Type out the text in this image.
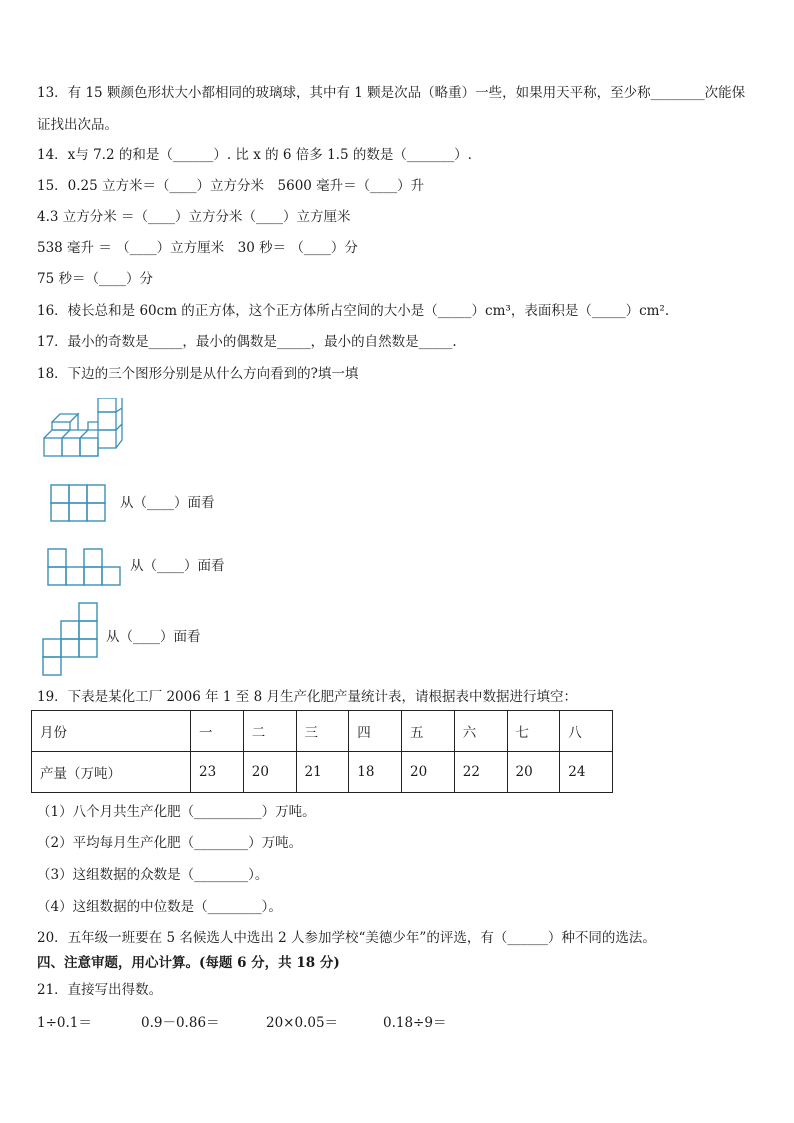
13．有 15 颗颜色形状大小都相同的玻璃球，其中有 1 颗是次品（略重）一些，如果用天平称，至少称________次能保
证找出次品。
14．x与 7.2 的和是（______）. 比 x 的 6 倍多 1.5 的数是（_______）.
15．0.25 立方米＝（____）立方分米　5600 毫升＝（____）升
4.3 立方分米 ＝（____）立方分米（____）立方厘米
538 毫升 ＝ （____）立方厘米　30 秒＝ （____）分
75 秒＝（____）分
16．棱长总和是 60cm 的正方体，这个正方体所占空间的大小是（_____）cm³，表面积是（_____）cm².
17．最小的奇数是_____，最小的偶数是_____，最小的自然数是_____.
18．下边的三个图形分别是从什么方向看到的?填一填
从（____）面看
从（____）面看
从（____）面看
19．下表是某化工厂 2006 年 1 至 8 月生产化肥产量统计表，请根据表中数据进行填空：
月份	一	二	三	四	五	六	七	八
产量（万吨）	23	20	21	18	20	22	20	24
（1）八个月共生产化肥（__________）万吨。
（2）平均每月生产化肥（________）万吨。
（3）这组数据的众数是（________）。
（4）这组数据的中位数是（________）。
20．五年级一班要在 5 名候选人中选出 2 人参加学校“美德少年”的评选，有（______）种不同的选法。
四、注意审题，用心计算。(每题 6 分，共 18 分)
21．直接写出得数。
1÷0.1＝	0.9－0.86＝	20×0.05＝	0.18÷9＝
